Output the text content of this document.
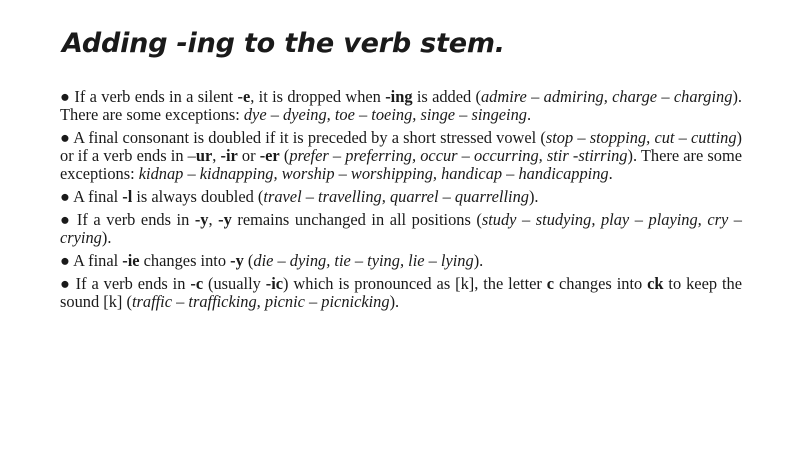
Adding -ing to the verb stem.

● If a verb ends in a silent -e, it is dropped when -ing is added (admire – admiring, charge – charging). There are some exceptions: dye – dyeing, toe – toeing, singe – singeing.

● A final consonant is doubled if it is preceded by a short stressed vowel (stop – stopping, cut – cutting) or if a verb ends in –ur, -ir or -er (prefer – preferring, occur – occurring, stir -stirring). There are some exceptions: kidnap – kidnapping, worship – worshipping, handicap – handicapping.

● A final -l is always doubled (travel – travelling, quarrel – quarrelling).

● If a verb ends in -y, -y remains unchanged in all positions (study – studying, play – playing, cry – crying).

● A final -ie changes into -y (die – dying, tie – tying, lie – lying).

● If a verb ends in -c (usually -ic) which is pronounced as [k], the letter c changes into ck to keep the sound [k] (traffic – trafficking, picnic – picnicking).
